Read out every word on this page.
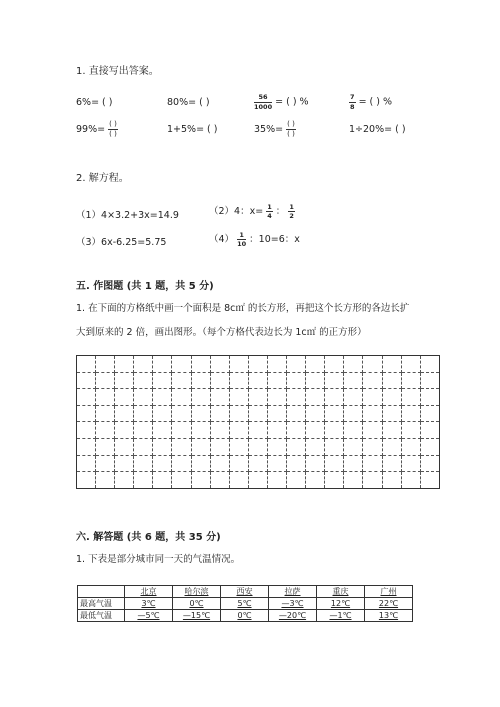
1. 直接写出答案。
6%= ( )	80%= ( )	$\frac{56}{1000}$ = ( ) %	$\frac{7}{8}$ = ( ) %
$99\%= \frac{( )}{( )}$	1+5%= ( )	$35\%= \frac{( )}{( )}$	1÷20%= ( )
2. 解方程。
（1）4×3.2+3x=14.9	（2）4：$x= \frac{1}{4}$ ： $\frac{1}{2}$
（3）6x-6.25=5.75	$(4) \frac{1}{10}$ ：10=6：x
五. 作图题 (共 1 题，共 5 分)
1. 在下面的方格纸中画一个面积是 8c㎡ 的长方形，再把这个长方形的各边长扩
大到原来的 2 倍，画出图形。（每个方格代表边长为 1c㎡ 的正方形）

六. 解答题 (共 6 题，共 35 分)
1. 下表是部分城市同一天的气温情况。
	北京	哈尔滨	西安	拉萨	重庆	广州
最高气温	3℃	0℃	5℃	—3℃	12℃	22℃
最低气温	—5℃	—15℃	0℃	—20℃	—1℃	13℃
